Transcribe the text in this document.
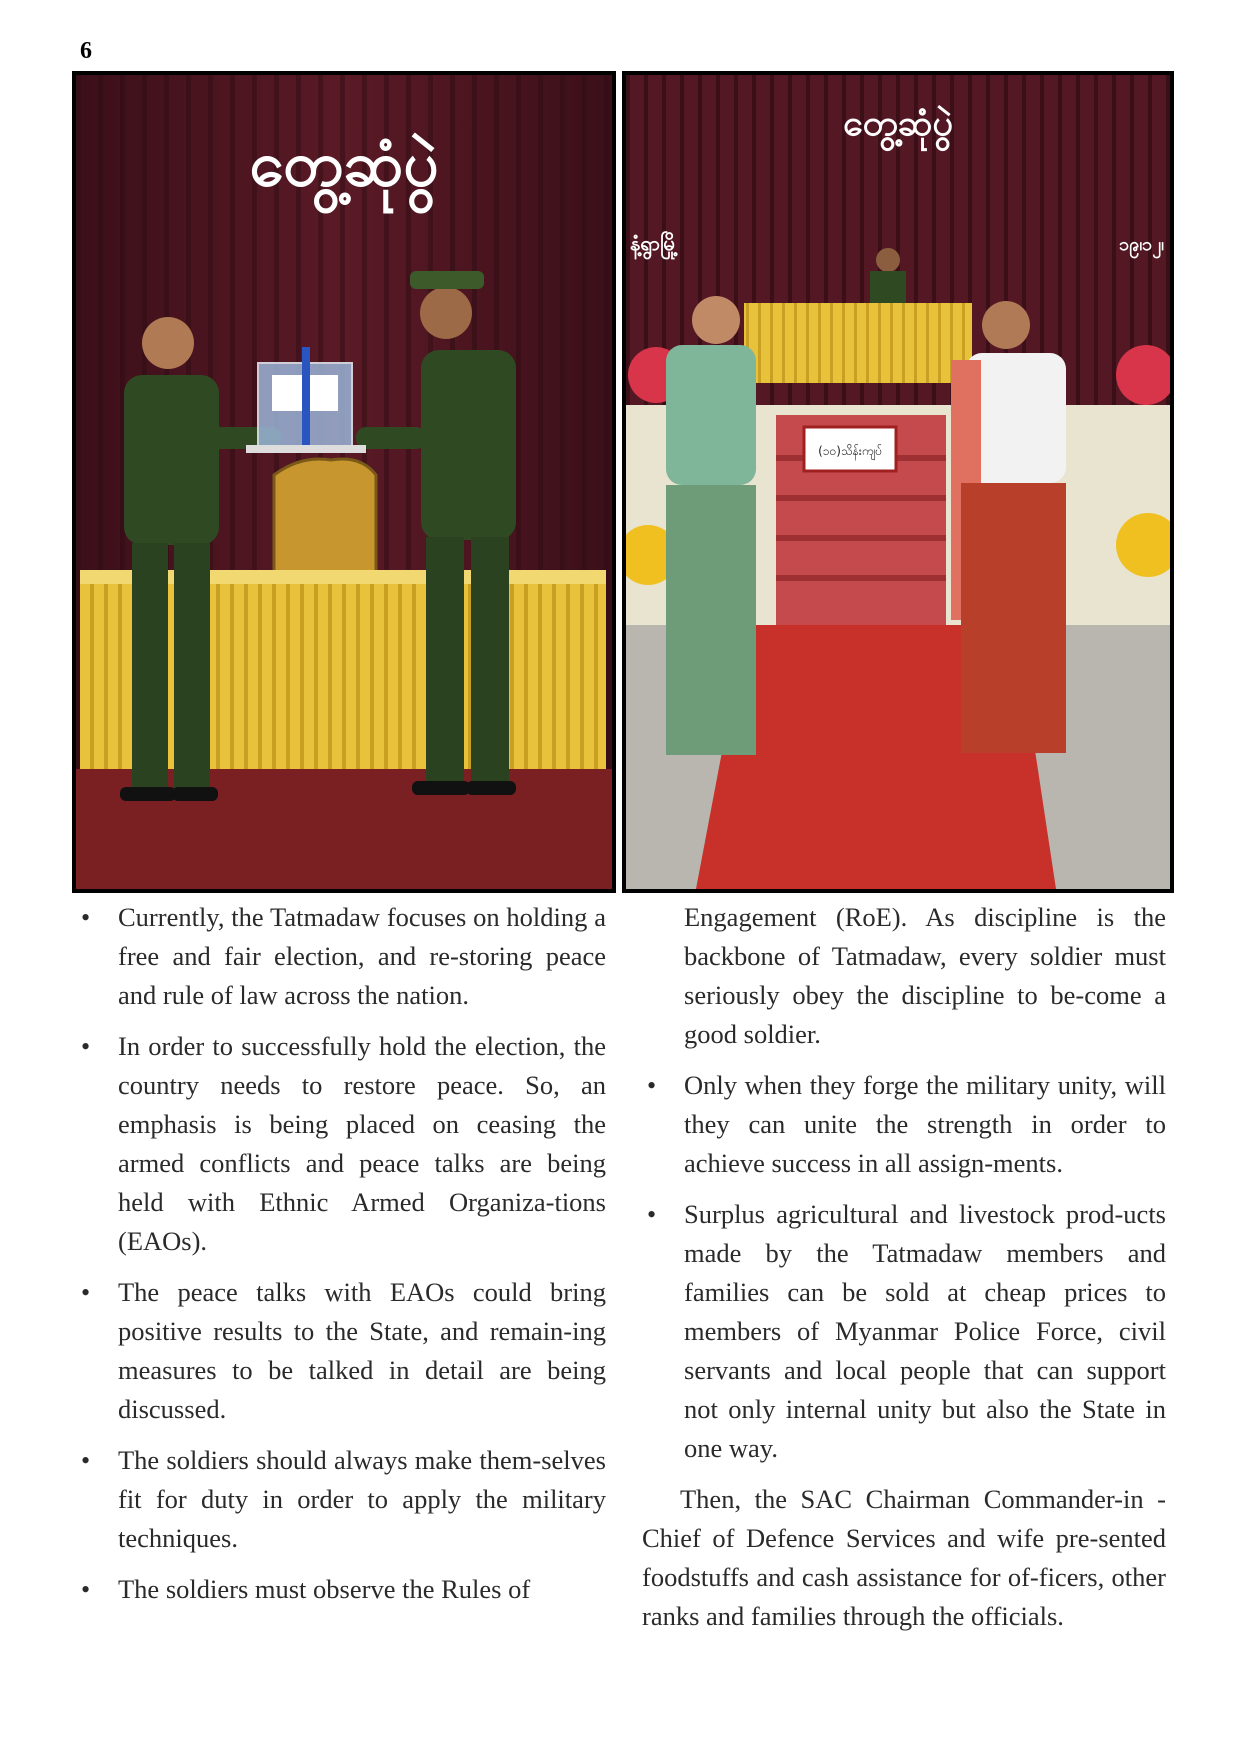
6
တွေ့ဆုံပွဲ
တွေ့ဆုံပွဲ
နံ့ရွာမြို့	၁၉၊၁၂၊
(၁၀)သိန်းကျပ်
• Currently, the Tatmadaw focuses on holding a free and fair election, and re-storing peace and rule of law across the nation.

• In order to successfully hold the election, the country needs to restore peace. So, an emphasis is being placed on ceasing the armed conflicts and peace talks are being held with Ethnic Armed Organiza-tions (EAOs).

• The peace talks with EAOs could bring positive results to the State, and remain-ing measures to be talked in detail are being discussed.

• The soldiers should always make them-selves fit for duty in order to apply the military techniques.

• The soldiers must observe the Rules of

Engagement (RoE). As discipline is the backbone of Tatmadaw, every soldier must seriously obey the discipline to be-come a good soldier.
• Only when they forge the military unity, will they can unite the strength in order to achieve success in all assign-ments.

• Surplus agricultural and livestock prod-ucts made by the Tatmadaw members and families can be sold at cheap prices to members of Myanmar Police Force, civil servants and local people that can support not only internal unity but also the State in one way.

Then, the SAC Chairman Commander-in -Chief of Defence Services and wife pre-sented foodstuffs and cash assistance for of-ficers, other ranks and families through the officials.
